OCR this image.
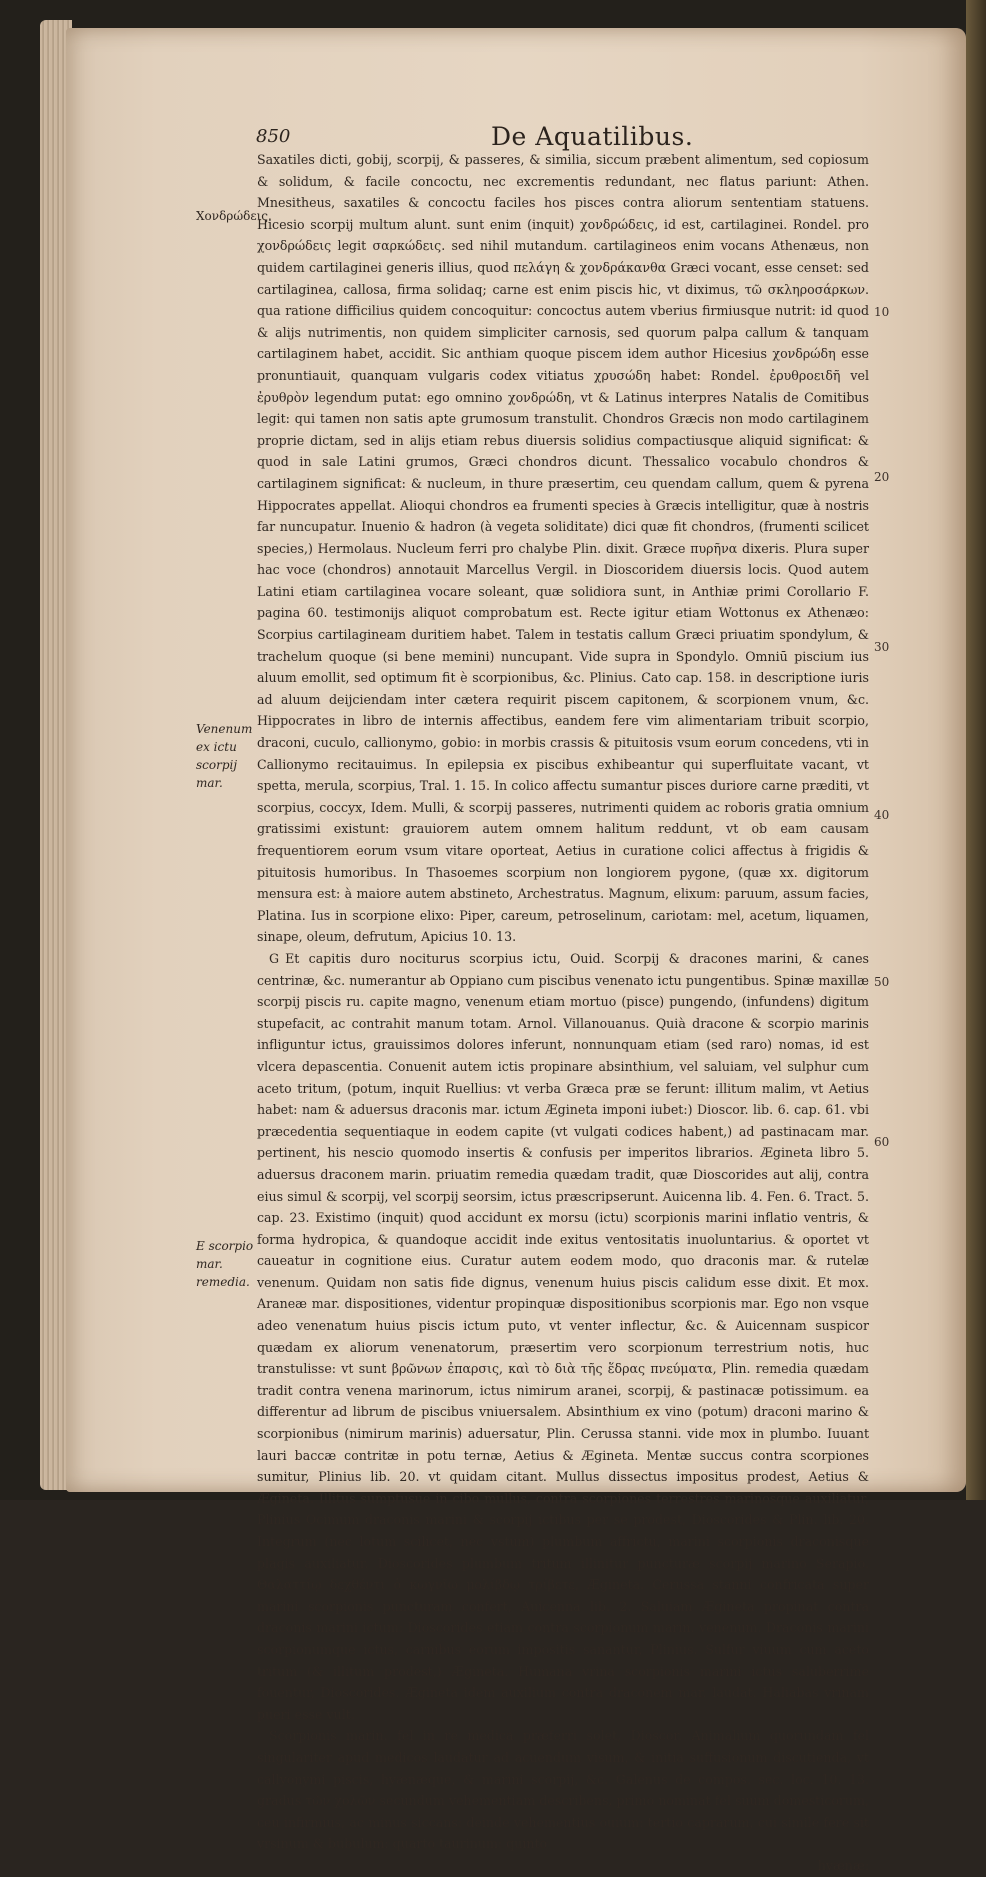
850	De Aquatilibus.
Χονδρώδεις.
Venenum ex ictu scorpij mar.
E scorpio mar. remedia.
10
20
30
40
50
60

Saxatiles dicti, gobij, scorpij, & passeres, & similia, siccum præbent alimentum, sed copiosum & solidum, & facile concoctu, nec excrementis redundant, nec flatus pariunt: Athen. Mnesitheus, saxatiles & concoctu faciles hos pisces contra aliorum sententiam statuens. Hicesio scorpij multum alunt. sunt enim (inquit) χονδρώδεις, id est, cartilaginei. Rondel. pro χονδρώδεις legit σαρκώδεις. sed nihil mutandum. cartilagineos enim vocans Athenæus, non quidem cartilaginei generis illius, quod πελάγη & χονδράκανθα Græci vocant, esse censet: sed cartilaginea, callosa, firma solidaq; carne est enim piscis hic, vt diximus, τῶ σκληροσάρκων. qua ratione difficilius quidem concoquitur: concoctus autem vberius firmiusque nutrit: id quod & alijs nutrimentis, non quidem simpliciter carnosis, sed quorum palpa callum & tanquam cartilaginem habet, accidit. Sic anthiam quoque piscem idem author Hicesius χονδρώδη esse pronuntiauit, quanquam vulgaris codex vitiatus χρυσώδη habet: Rondel. ἐρυθροειδῆ vel ἐρυθρὸν legendum putat: ego omnino χονδρώδη, vt & Latinus interpres Natalis de Comitibus legit: qui tamen non satis apte grumosum transtulit. Chondros Græcis non modo cartilaginem proprie dictam, sed in alijs etiam rebus diuersis solidius compactiusque aliquid significat: & quod in sale Latini grumos, Græci chondros dicunt. Thessalico vocabulo chondros & cartilaginem significat: & nucleum, in thure præsertim, ceu quendam callum, quem & pyrena Hippocrates appellat. Alioqui chondros ea frumenti species à Græcis intelligitur, quæ à nostris far nuncupatur. Inuenio & hadron (à vegeta soliditate) dici quæ fit chondros, (frumenti scilicet species,) Hermolaus. Nucleum ferri pro chalybe Plin. dixit. Græce πυρῆνα dixeris. Plura super hac voce (chondros) annotauit Marcellus Vergil. in Dioscoridem diuersis locis. Quod autem Latini etiam cartilaginea vocare soleant, quæ solidiora sunt, in Anthiæ primi Corollario F. pagina 60. testimonijs aliquot comprobatum est. Recte igitur etiam Wottonus ex Athenæo: Scorpius cartilagineam duritiem habet. Talem in testatis callum Græci priuatim spondylum, & trachelum quoque (si bene memini) nuncupant. Vide supra in Spondylo. Omniū piscium ius aluum emollit, sed optimum fit è scorpionibus, &c. Plinius. Cato cap. 158. in descriptione iuris ad aluum deijciendam inter cætera requirit piscem capitonem, & scorpionem vnum, &c. Hippocrates in libro de internis affectibus, eandem fere vim alimentariam tribuit scorpio, draconi, cuculo, callionymo, gobio: in morbis crassis & pituitosis vsum eorum concedens, vti in Callionymo recitauimus. In epilepsia ex piscibus exhibeantur qui superfluitate vacant, vt spetta, merula, scorpius, Tral. 1. 15. In colico affectu sumantur pisces duriore carne præditi, vt scorpius, coccyx, Idem. Mulli, & scorpij passeres, nutrimenti quidem ac roboris gratia omnium gratissimi existunt: grauiorem autem omnem halitum reddunt, vt ob eam causam frequentiorem eorum vsum vitare oporteat, Aetius in curatione colici affectus à frigidis & pituitosis humoribus. In Thasoemes scorpium non longiorem pygone, (quæ xx. digitorum mensura est: à maiore autem abstineto, Archestratus. Magnum, elixum: paruum, assum facies, Platina. Ius in scorpione elixo: Piper, careum, petroselinum, cariotam: mel, acetum, liquamen, sinape, oleum, defrutum, Apicius 10. 13.

G Et capitis duro nociturus scorpius ictu, Ouid. Scorpij & dracones marini, & canes centrinæ, &c. numerantur ab Oppiano cum piscibus venenato ictu pungentibus. Spinæ maxillæ scorpij piscis ru. capite magno, venenum etiam mortuo (pisce) pungendo, (infundens) digitum stupefacit, ac contrahit manum totam. Arnol. Villanouanus. Quià dracone & scorpio marinis infliguntur ictus, grauissimos dolores inferunt, nonnunquam etiam (sed raro) nomas, id est vlcera depascentia. Conuenit autem ictis propinare absinthium, vel saluiam, vel sulphur cum aceto tritum, (potum, inquit Ruellius: vt verba Græca præ se ferunt: illitum malim, vt Aetius habet: nam & aduersus draconis mar. ictum Ægineta imponi iubet:) Dioscor. lib. 6. cap. 61. vbi præcedentia sequentiaque in eodem capite (vt vulgati codices habent,) ad pastinacam mar. pertinent, his nescio quomodo insertis & confusis per imperitos librarios. Ægineta libro 5. aduersus draconem marin. priuatim remedia quædam tradit, quæ Dioscorides aut alij, contra eius simul & scorpij, vel scorpij seorsim, ictus præscripserunt. Auicenna lib. 4. Fen. 6. Tract. 5. cap. 23. Existimo (inquit) quod accidunt ex morsu (ictu) scorpionis marini inflatio ventris, & forma hydropica, & quandoque accidit inde exitus ventositatis inuoluntarius. & oportet vt caueatur in cognitione eius. Curatur autem eodem modo, quo draconis mar. & rutelæ venenum. Quidam non satis fide dignus, venenum huius piscis calidum esse dixit. Et mox. Araneæ mar. dispositiones, videntur propinquæ dispositionibus scorpionis mar. Ego non vsque adeo venenatum huius piscis ictum puto, vt venter inflectur, &c. & Auicennam suspicor quædam ex aliorum venenatorum, præsertim vero scorpionum terrestrium notis, huc transtulisse: vt sunt βρῶνων ἐπαρσις, καὶ τὸ διὰ τῆς ἕδρας πνεύματα, Plin. remedia quædam tradit contra venena marinorum, ictus nimirum aranei, scorpij, & pastinacæ potissimum. ea differentur ad librum de piscibus vniuersalem. Absinthium ex vino (potum) draconi marino & scorpionibus (nimirum marinis) aduersatur, Plin. Cerussa stanni. vide mox in plumbo. Iuuant lauri baccæ contritæ in potu ternæ, Aetius & Ægineta. Mentæ succus contra scorpiones sumitur, Plinius lib. 20. vt quidam citant. Mullus dissectus impositus prodest, Aetius & Ægineta. Illitus sumptusue in cibo mullus, contra scorpiones terrestres marinosque auxiliatur, Plinius Ocimum draconis marini & scorpij ictibus per se prodest, Dioscorides & Plin. lib. 20. Integrum (nec lotum scilicet, nec vstum) plumbum affrictu, marini scorpionis draconisque plagis auxiliatur. Dioscorides plumbum tritum illinitur puncturæ scorpij marino Serapio. Θαλαττίῳ δεχθέντι ὁ κωγνῖω μολίβδῳ τρίβετε, Ægineta. Cerussa stanni confricata super marini scorpionis puncturam confert, Auicenna lib. 2. Saluiam Ægineta propinat contra draconis marini ictum: Dioscorides etiam contra scorpionum marin. venenum. Draconis marini scorpionumque ictus, carnibus eorum impositis sanantur, Plinius. Sulfur viuum cum aceto tritum (& illitum prodest,) Ægineta. Humana vrina scorpionis marini ictus saluberrime fouentur, Dioscorides. Ægineta idem auxilium contra draconem mar. laudat. Haliabas vrinam pueri esse vult.

Scorpionis marin. fel in re medica præferri solet, Dioscor. Animalium quorundam fel singulariter apud medicos laudatur ad acuendum visum, & initia suffusionum discutienda, vt callyonymi piscis, hyænæque, & marini scorpij, &c. Galenus de compos. sec. loc. 10. 13. gradus τῶν χολῶν secundum vehementiam describens, primo nominat fel suum domesticorum, ceu infirmius, ac minus siccans: deinde vehementius ouium: tertio caprarum, cui simile fere sit vrsinum & bubulum: quarto taurinum: quinto

hyænæ:
